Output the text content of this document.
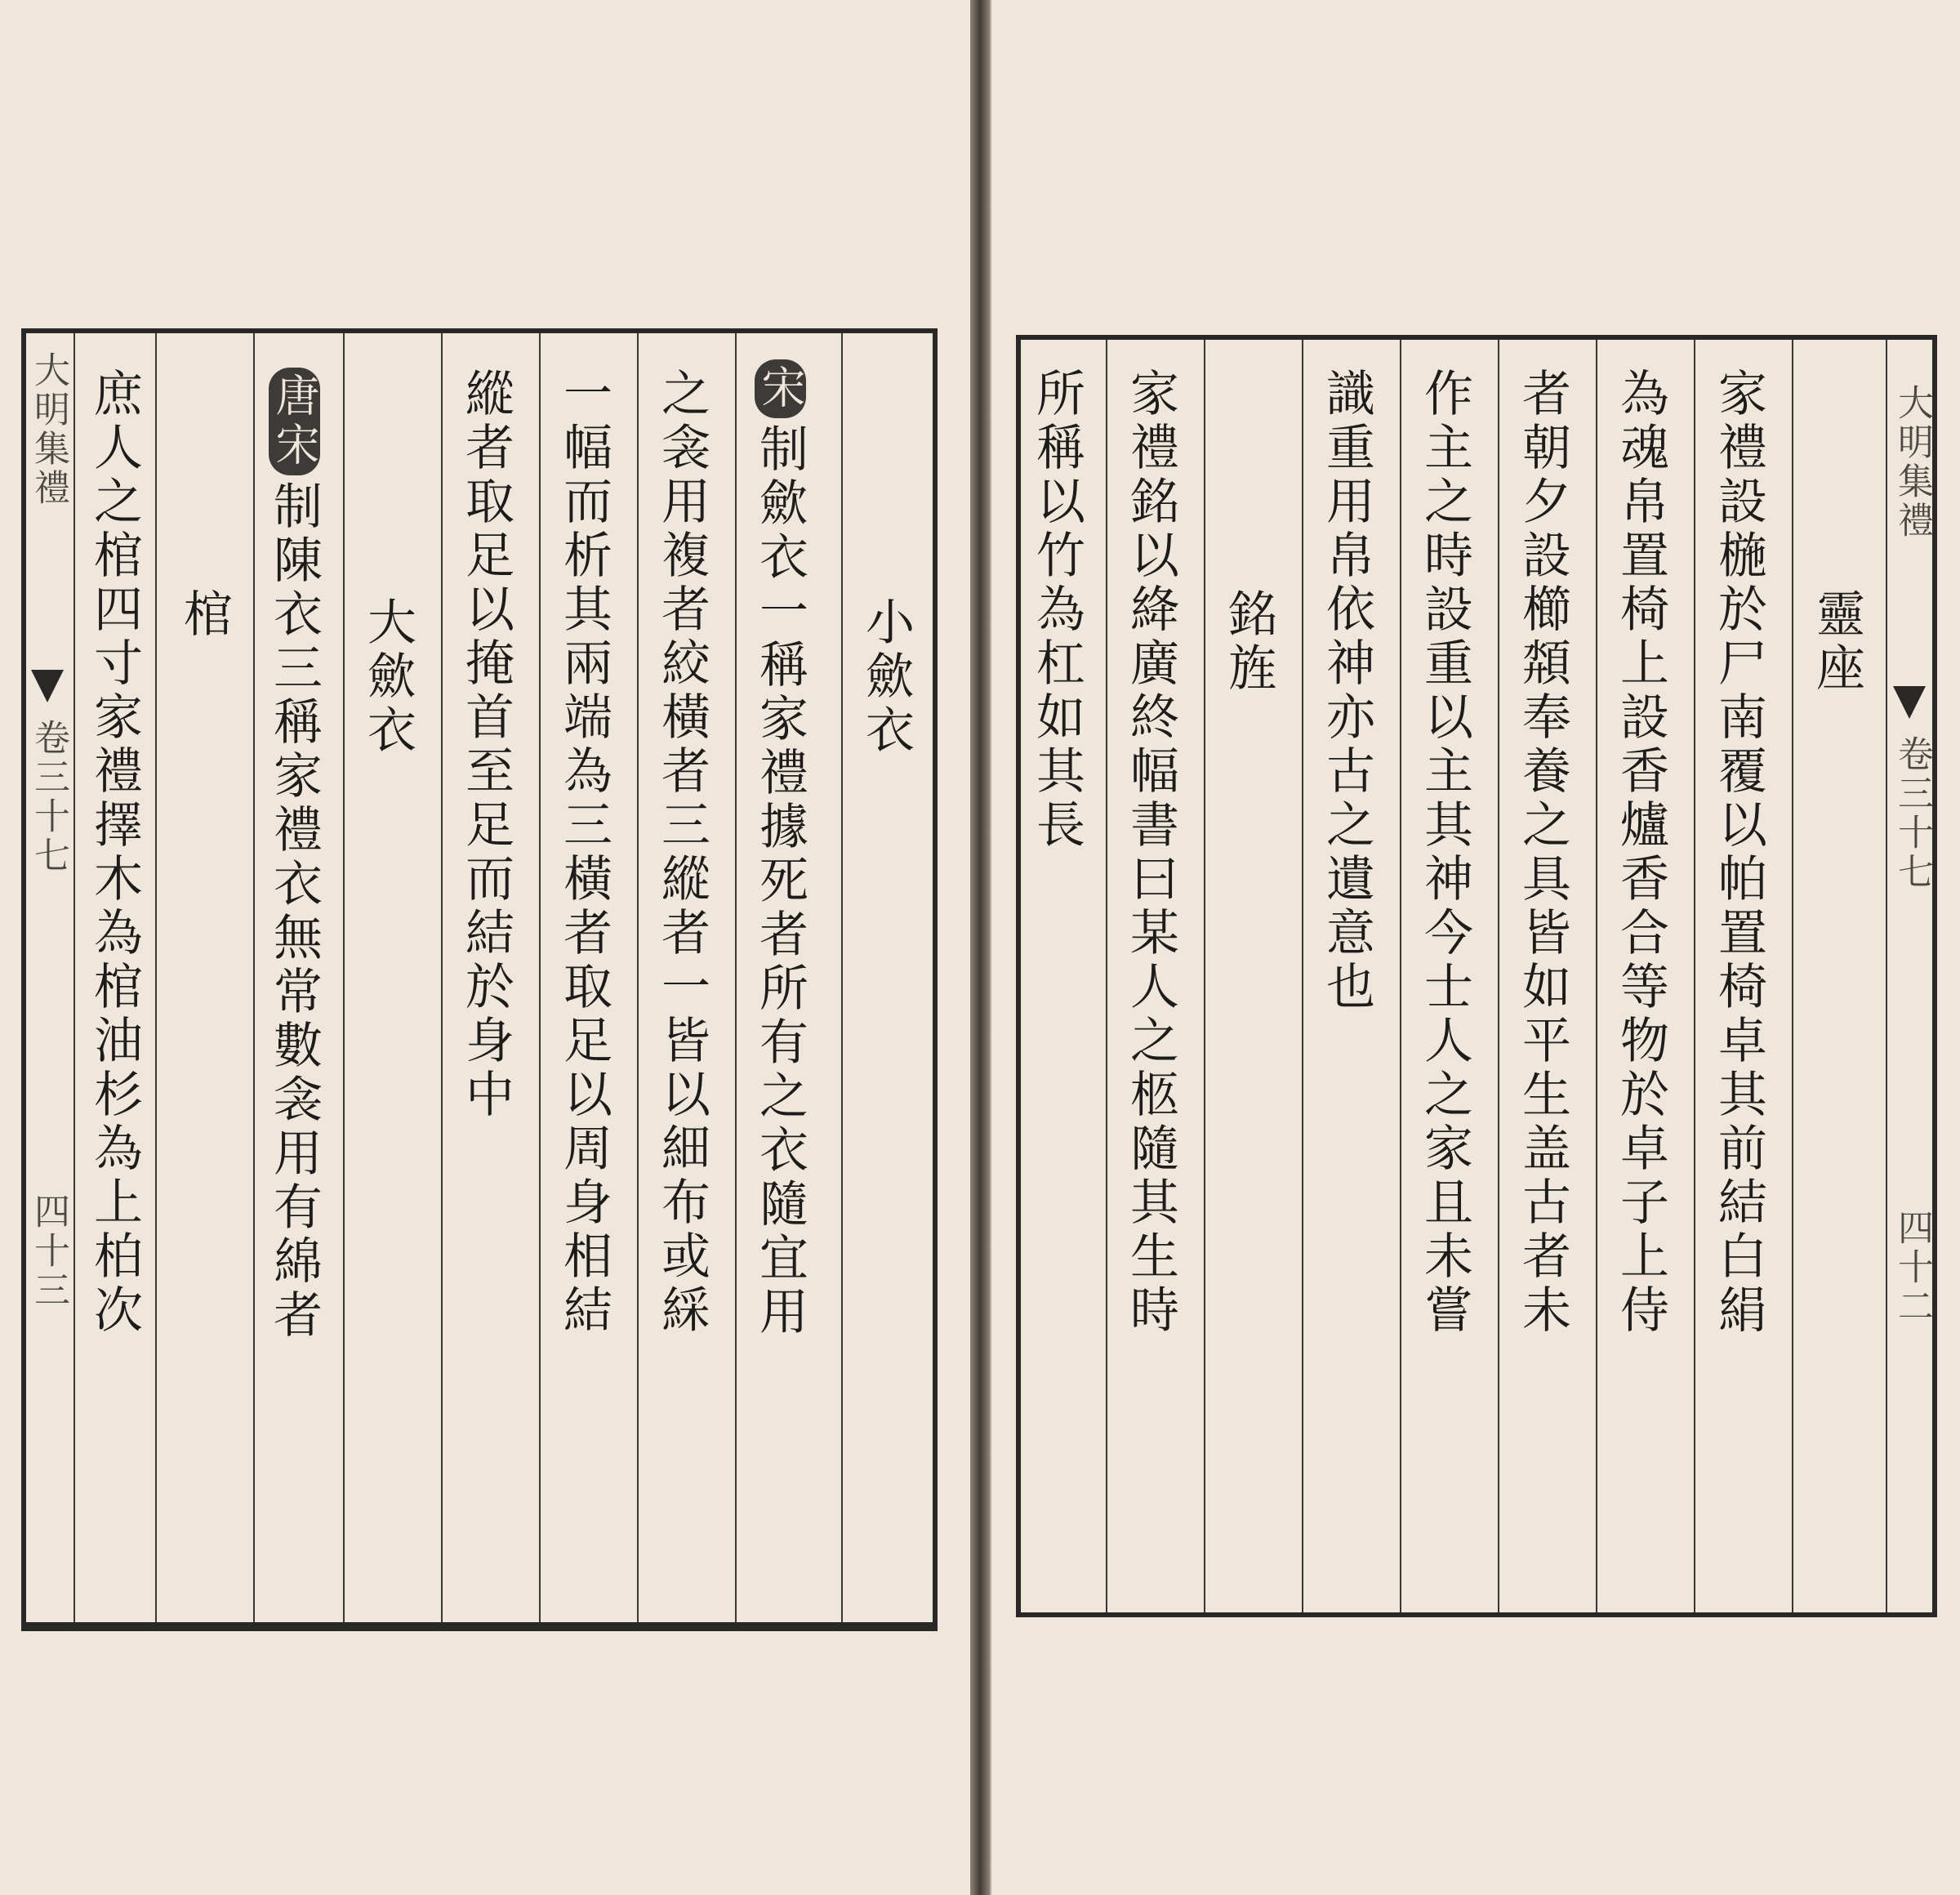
大明集禮
卷三十七
四十三
小歛衣
宋制歛衣一稱家禮據死者所有之衣隨宜用
之衾用複者絞橫者三縱者一皆以細布或綵
一幅而析其兩端為三橫者取足以周身相結
縱者取足以掩首至足而結於身中
大歛衣
唐宋制陳衣三稱家禮衣無常數衾用有綿者
棺
庶人之棺四寸家禮擇木為棺油杉為上柏次	大明集禮
卷三十七
四十二
靈座
家禮設椸於尸南覆以帕置椅卓其前結白絹
為魂帛置椅上設香爐香合等物於卓子上侍
者朝夕設櫛頮奉養之具皆如平生盖古者未
作主之時設重以主其神今士人之家且未嘗
識重用帛依神亦古之遺意也
銘旌
家禮銘以絳廣終幅書曰某人之柩隨其生時
所稱以竹為杠如其長
